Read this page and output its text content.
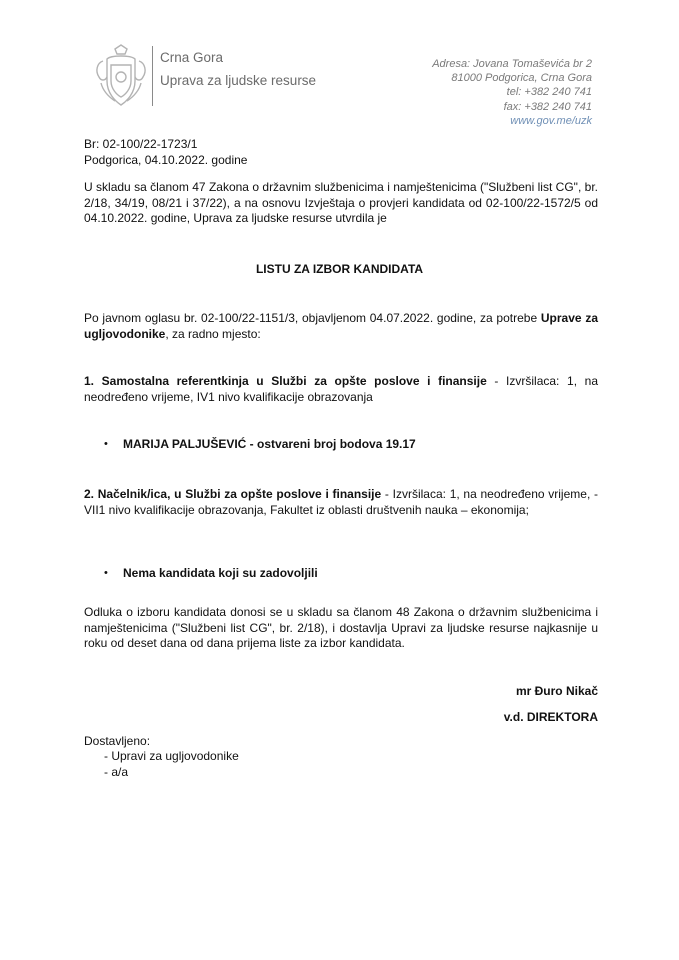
Crna Gora
Uprava za ljudske resurse
Adresa: Jovana Tomaševića br 2
81000 Podgorica, Crna Gora
tel: +382 240 741
fax: +382 240 741
www.gov.me/uzk
Br: 02-100/22-1723/1
Podgorica, 04.10.2022. godine
U skladu sa članom 47 Zakona o državnim službenicima i namještenicima ("Službeni list CG", br. 2/18, 34/19, 08/21 i 37/22), a na osnovu Izvještaja o provjeri kandidata od 02-100/22-1572/5 od 04.10.2022. godine, Uprava za ljudske resurse utvrdila je
LISTU ZA IZBOR KANDIDATA
Po javnom oglasu br. 02-100/22-1151/3, objavljenom 04.07.2022. godine, za potrebe Uprave za ugljovodonike, za radno mjesto:
1. Samostalna referentkinja u Službi za opšte poslove i finansije - Izvršilaca: 1, na neodređeno vrijeme, IV1 nivo kvalifikacije obrazovanja
• MARIJA PALJUŠEVIĆ - ostvareni broj bodova 19.17
2. Načelnik/ica, u Službi za opšte poslove i finansije - Izvršilaca: 1, na neodređeno vrijeme, - VII1 nivo kvalifikacije obrazovanja, Fakultet iz oblasti društvenih nauka – ekonomija;
• Nema kandidata koji su zadovoljili
Odluka o izboru kandidata donosi se u skladu sa članom 48 Zakona o državnim službenicima i namještenicima ("Službeni list CG", br. 2/18), i dostavlja Upravi za ljudske resurse najkasnije u roku od deset dana od dana prijema liste za izbor kandidata.
mr Đuro Nikač
v.d. DIREKTORA
Dostavljeno:
- Upravi za ugljovodonike
- a/a
